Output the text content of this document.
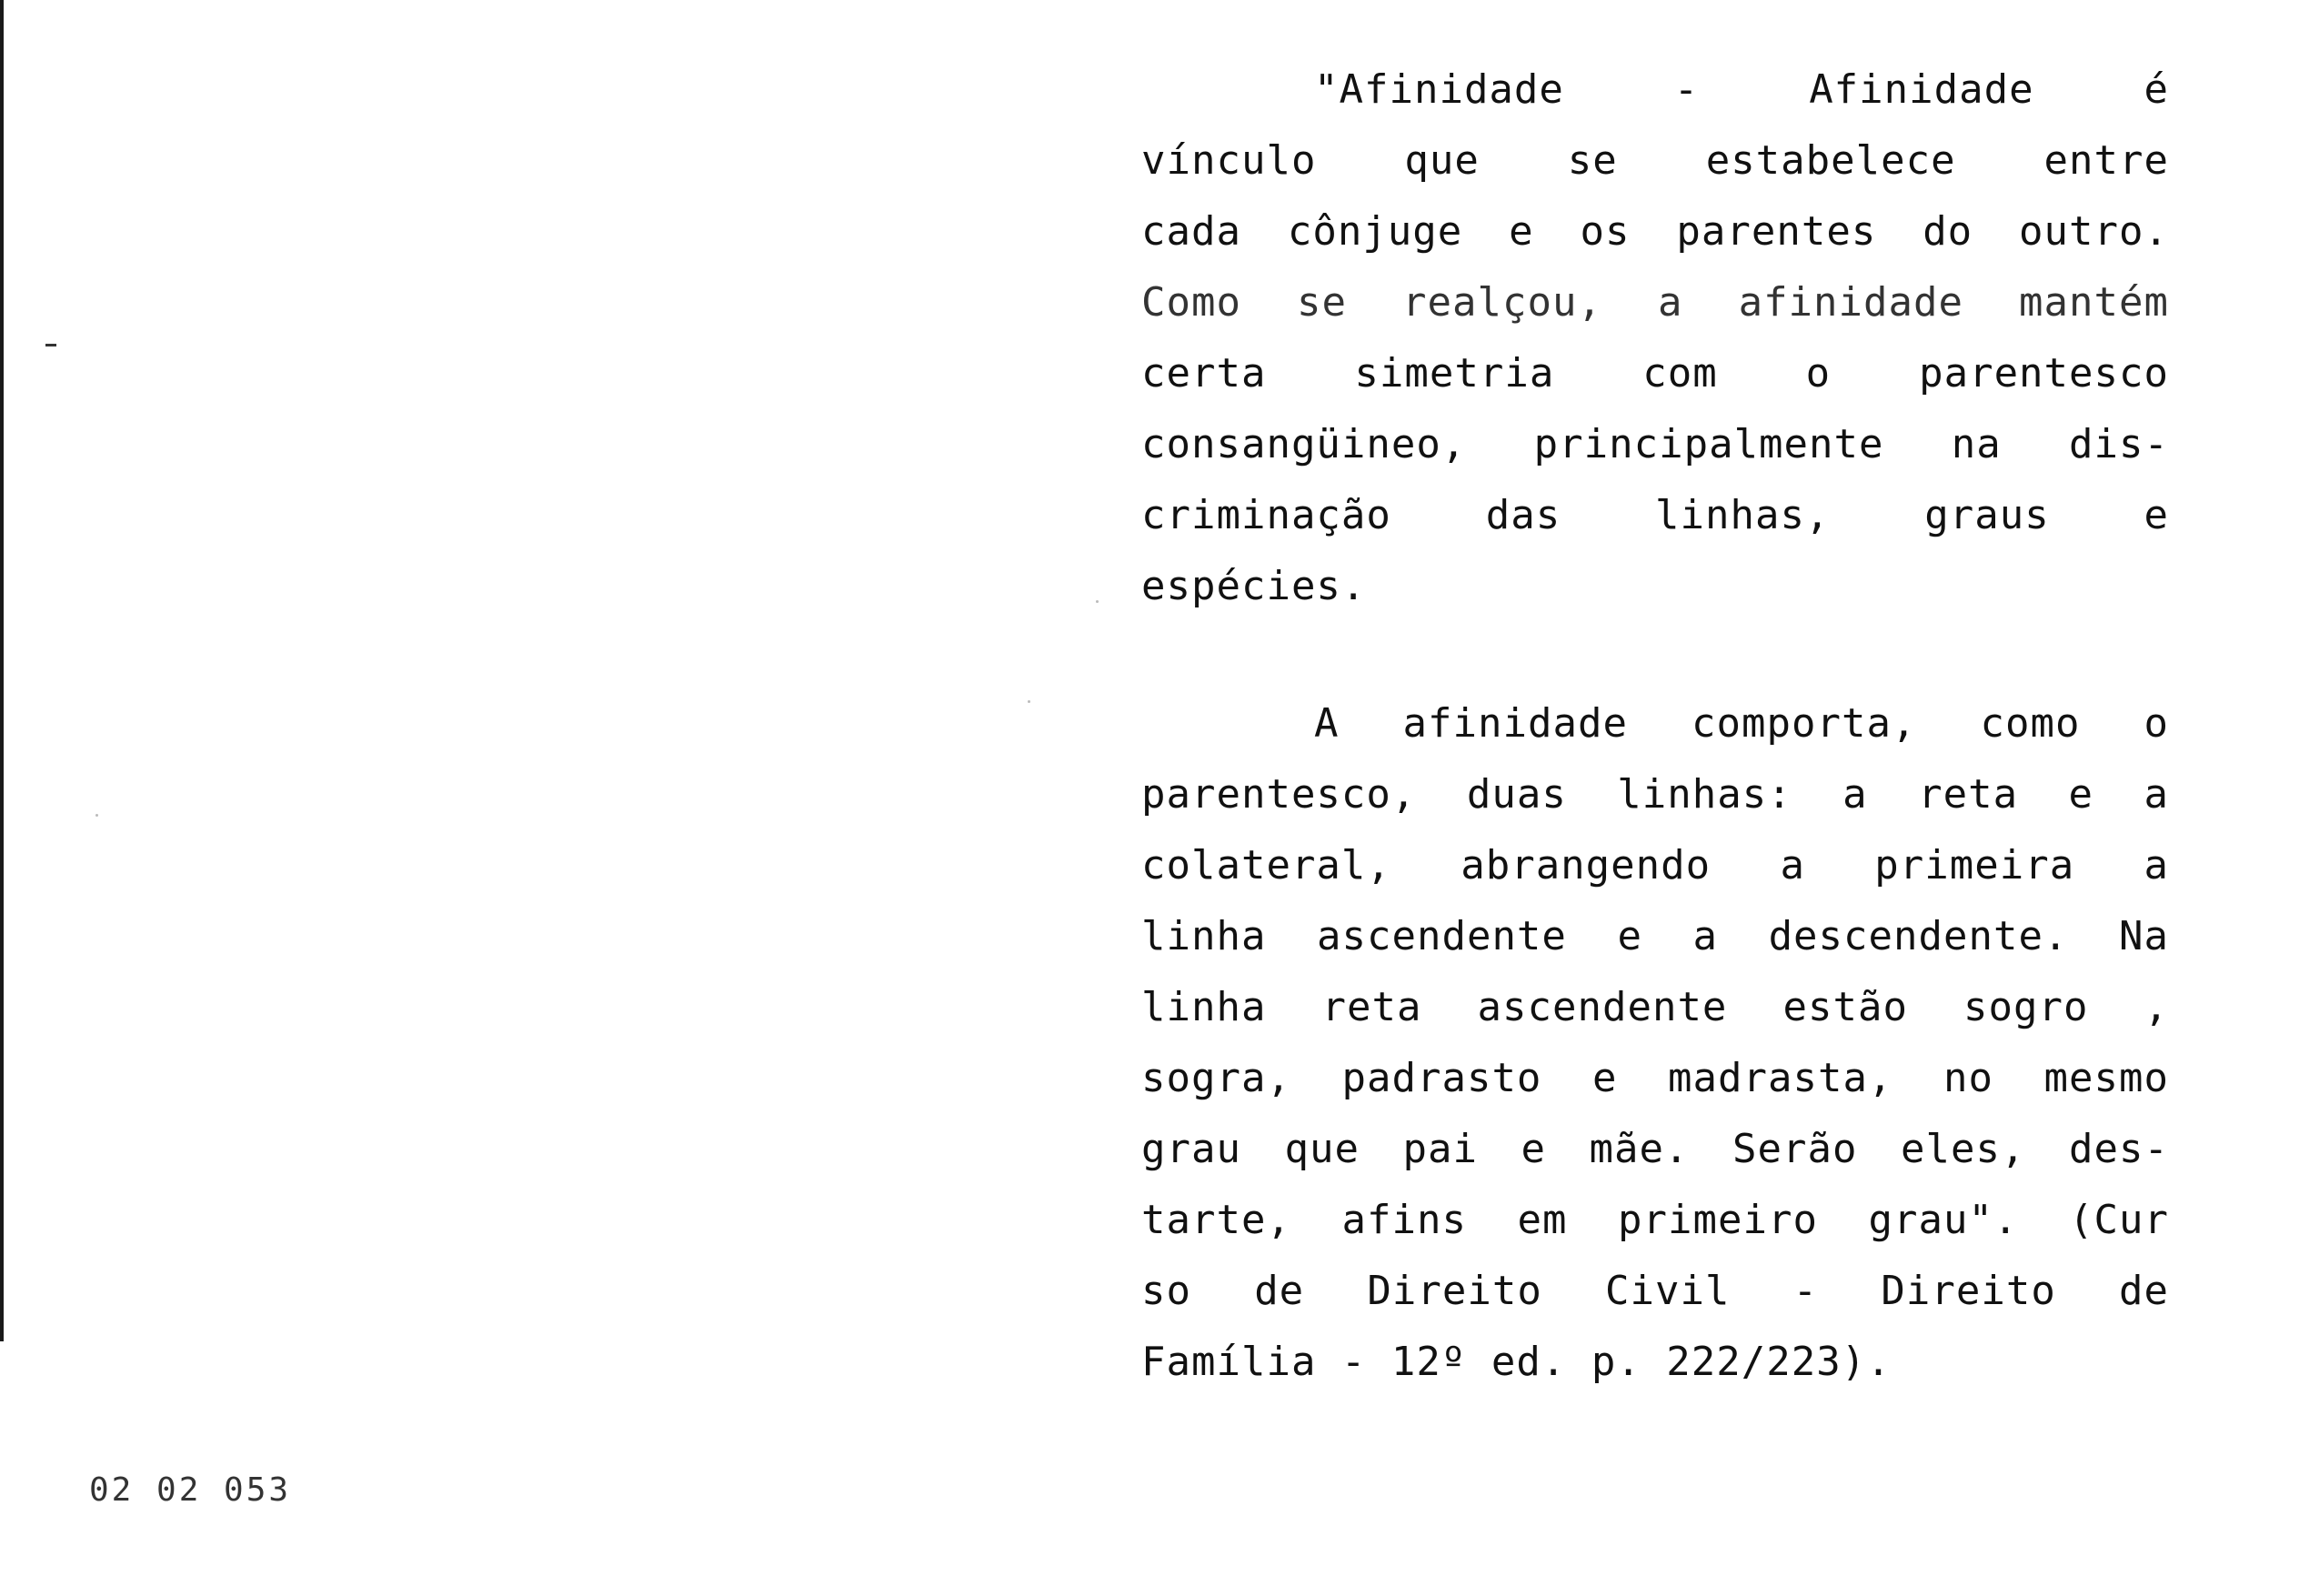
"Afinidade - Afinidade é
vínculo que se estabelece entre
cada cônjuge e os parentes do outro.
Como se realçou, a afinidade mantém
certa simetria com o parentesco
consangüineo, principalmente na dis-
criminação das linhas, graus e
espécies.
A afinidade comporta, como o
parentesco, duas linhas: a reta e a
colateral, abrangendo a primeira a
linha ascendente e a descendente. Na
linha reta ascendente estão sogro ,
sogra, padrasto e madrasta, no mesmo
grau que pai e mãe. Serão eles, des-
tarte, afins em primeiro grau". (Cur
so de Direito Civil - Direito de
Família - 12º ed. p. 222/223).
02 02 053
